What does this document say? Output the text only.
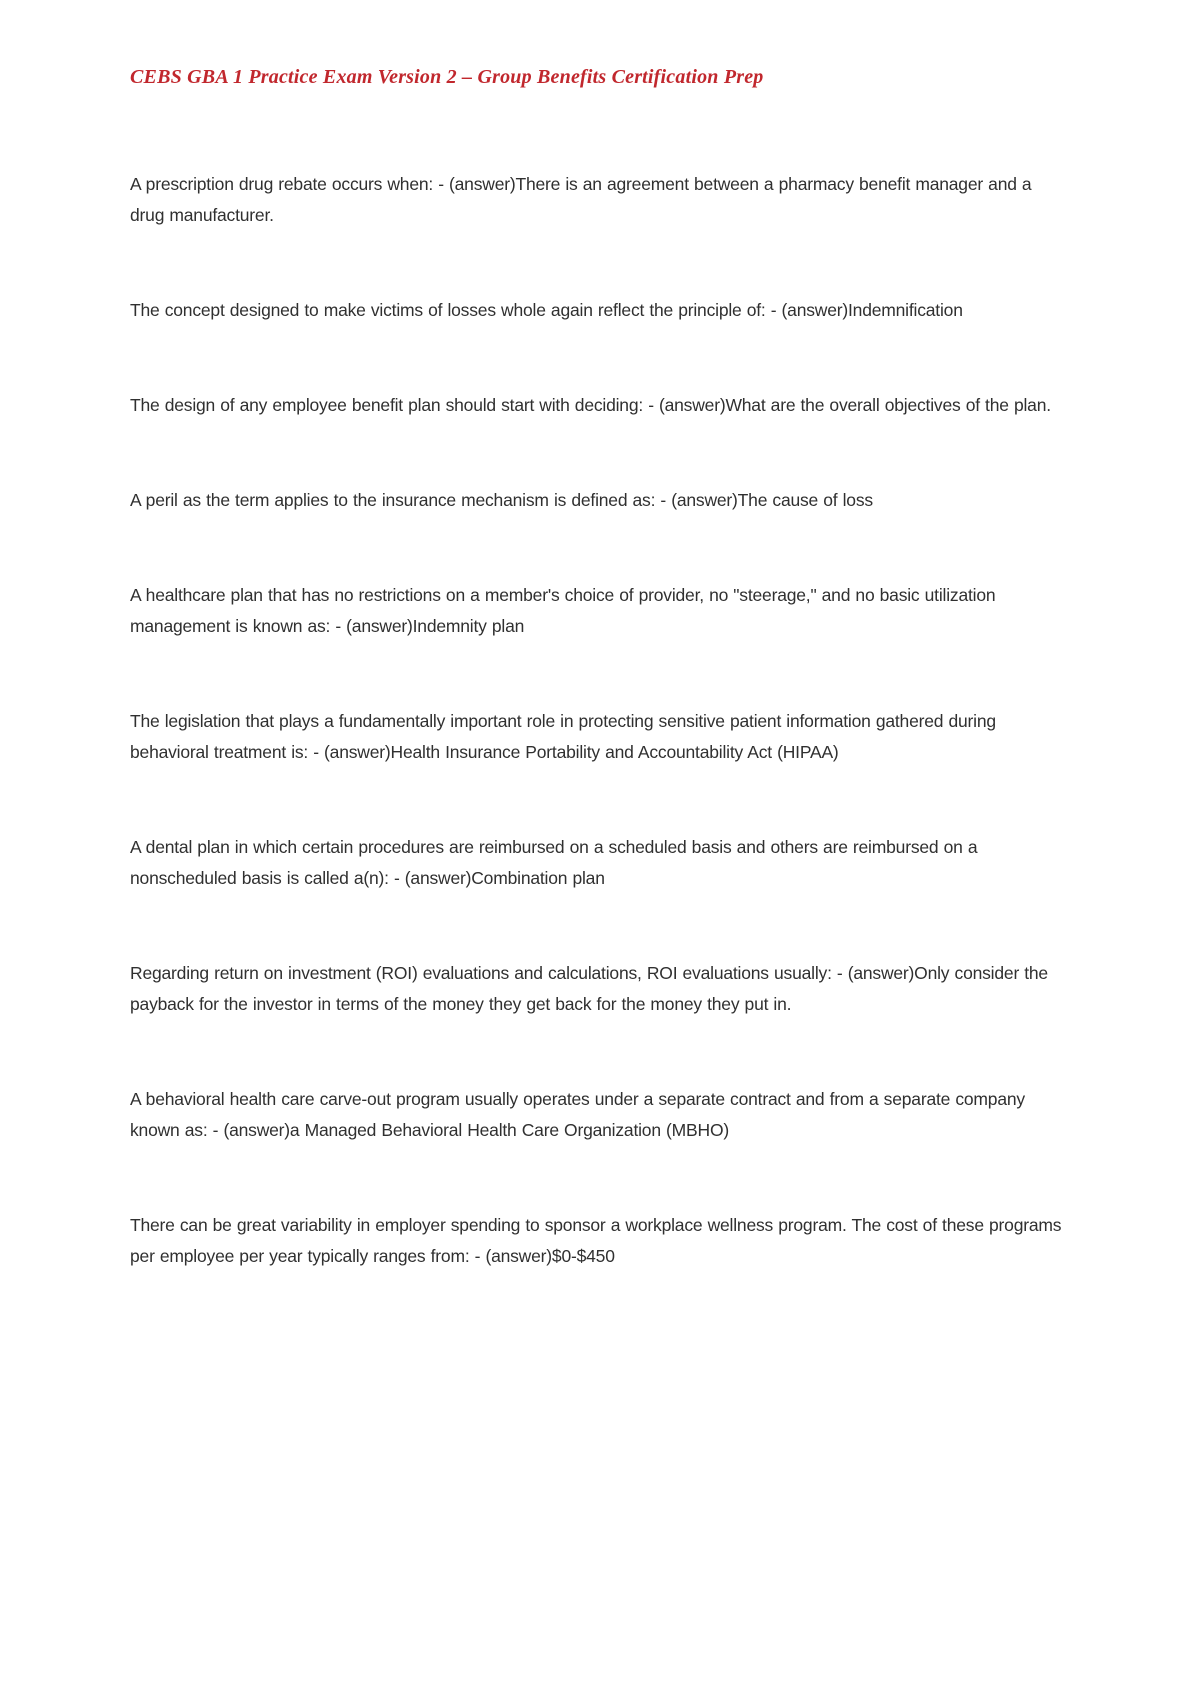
CEBS GBA 1 Practice Exam Version 2 – Group Benefits Certification Prep

A prescription drug rebate occurs when: - (answer)There is an agreement between a pharmacy benefit manager and a drug manufacturer.

The concept designed to make victims of losses whole again reflect the principle of: - (answer)Indemnification

The design of any employee benefit plan should start with deciding: - (answer)What are the overall objectives of the plan.

A peril as the term applies to the insurance mechanism is defined as: - (answer)The cause of loss

A healthcare plan that has no restrictions on a member's choice of provider, no "steerage," and no basic utilization management is known as: - (answer)Indemnity plan

The legislation that plays a fundamentally important role in protecting sensitive patient information gathered during behavioral treatment is: - (answer)Health Insurance Portability and Accountability Act (HIPAA)

A dental plan in which certain procedures are reimbursed on a scheduled basis and others are reimbursed on a nonscheduled basis is called a(n): - (answer)Combination plan

Regarding return on investment (ROI) evaluations and calculations, ROI evaluations usually: - (answer)Only consider the payback for the investor in terms of the money they get back for the money they put in.

A behavioral health care carve-out program usually operates under a separate contract and from a separate company known as: - (answer)a Managed Behavioral Health Care Organization (MBHO)

There can be great variability in employer spending to sponsor a workplace wellness program. The cost of these programs per employee per year typically ranges from: - (answer)$0-$450
